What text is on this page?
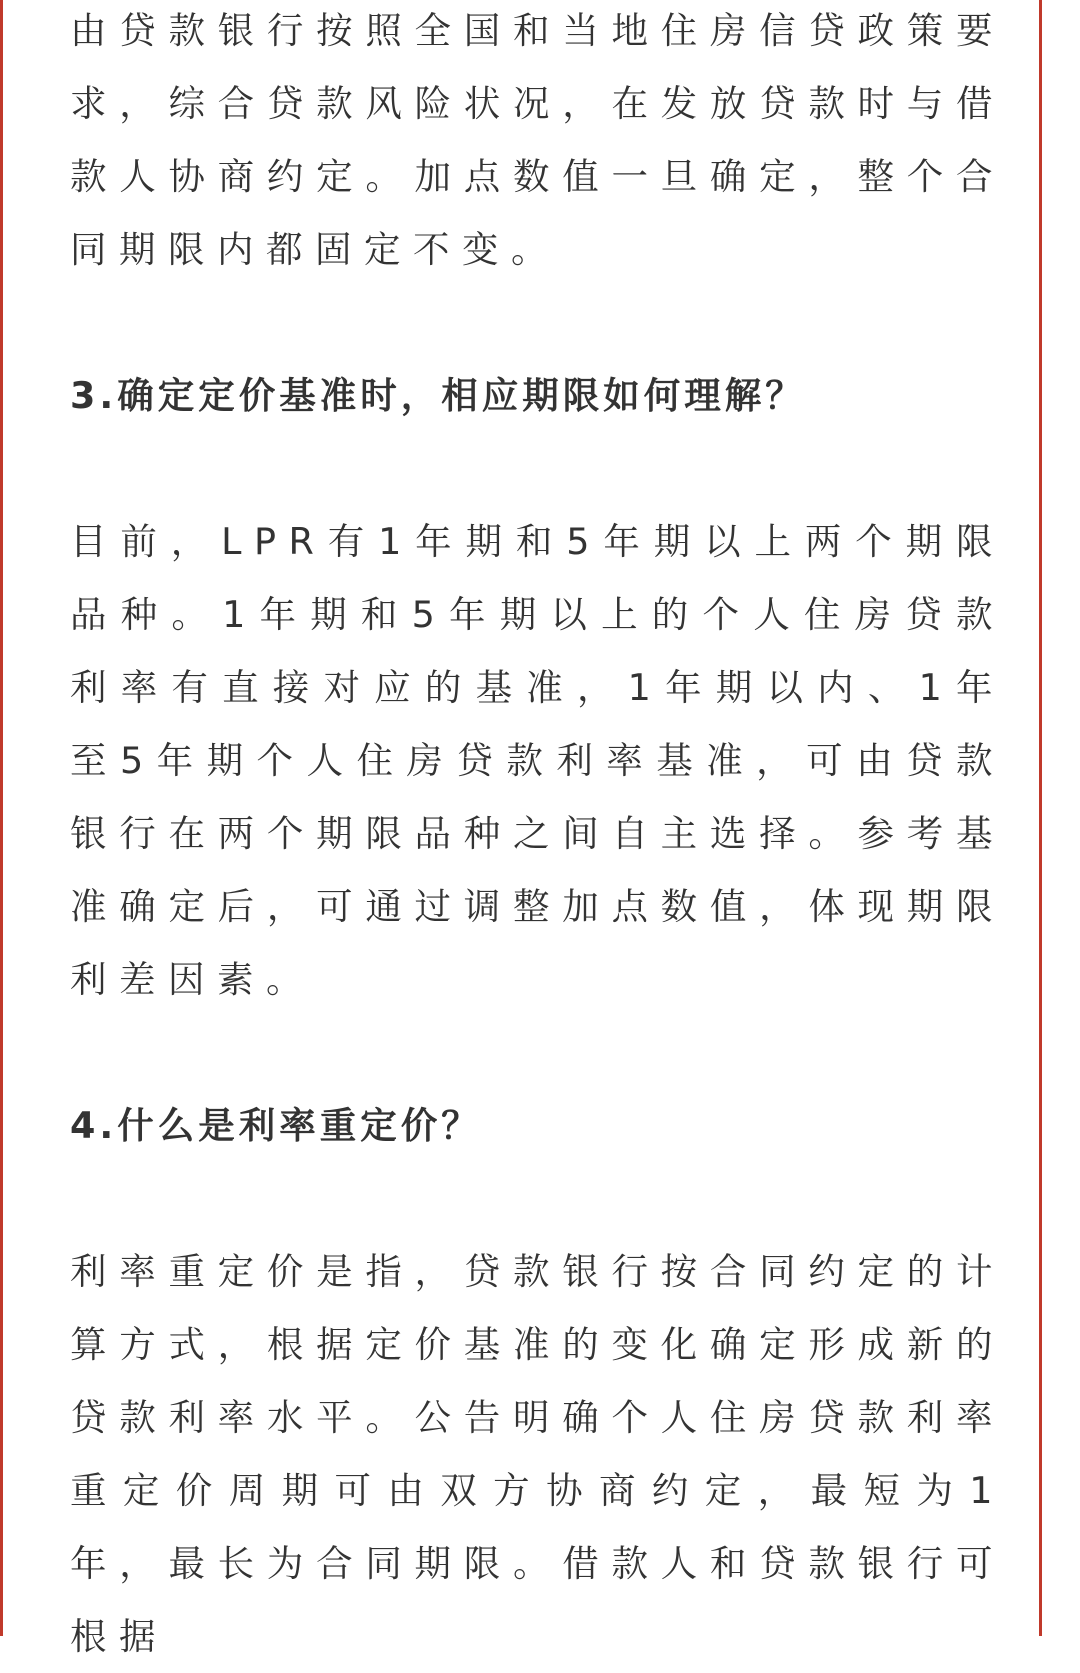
由贷款银行按照全国和当地住房信贷政策要求，综合贷款风险状况，在发放贷款时与借款人协商约定。加点数值一旦确定，整个合同期限内都固定不变。

3.确定定价基准时，相应期限如何理解？

目前，LPR有1年期和5年期以上两个期限品种。1年期和5年期以上的个人住房贷款利率有直接对应的基准，1年期以内、1年至5年期个人住房贷款利率基准，可由贷款银行在两个期限品种之间自主选择。参考基准确定后，可通过调整加点数值，体现期限利差因素。

4.什么是利率重定价？

利率重定价是指，贷款银行按合同约定的计算方式，根据定价基准的变化确定形成新的贷款利率水平。公告明确个人住房贷款利率重定价周期可由双方协商约定，最短为1年，最长为合同期限。借款人和贷款银行可根据
